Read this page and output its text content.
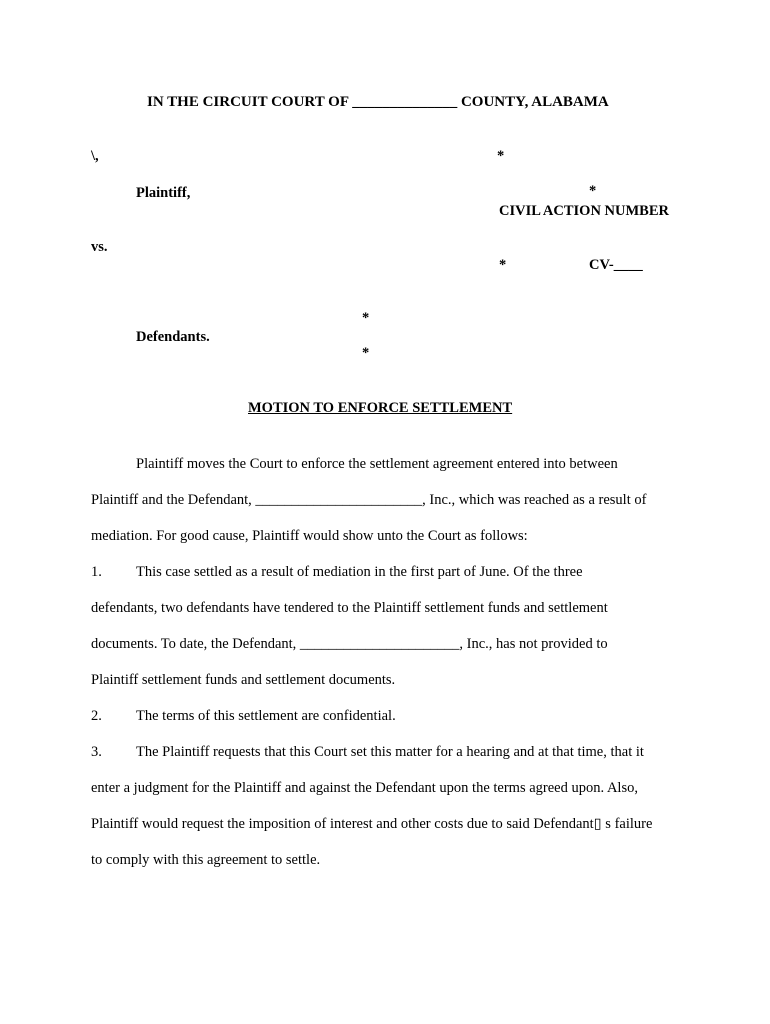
IN THE CIRCUIT COURT OF ______________ COUNTY, ALABAMA
\,	*
Plaintiff,	*
CIVIL ACTION NUMBER
vs.
*	CV-____
*
Defendants.
*
MOTION TO ENFORCE SETTLEMENT
Plaintiff moves the Court to enforce the settlement agreement entered into between
Plaintiff and the Defendant, _______________________, Inc., which was reached as a result of
mediation. For good cause, Plaintiff would show unto the Court as follows:
1. This case settled as a result of mediation in the first part of June. Of the three
defendants, two defendants have tendered to the Plaintiff settlement funds and settlement
documents. To date, the Defendant, ______________________, Inc., has not provided to
Plaintiff settlement funds and settlement documents.
2. The terms of this settlement are confidential.
3. The Plaintiff requests that this Court set this matter for a hearing and at that time, that it
enter a judgment for the Plaintiff and against the Defendant upon the terms agreed upon. Also,
Plaintiff would request the imposition of interest and other costs due to said Defendant▯ s failure
to comply with this agreement to settle.
